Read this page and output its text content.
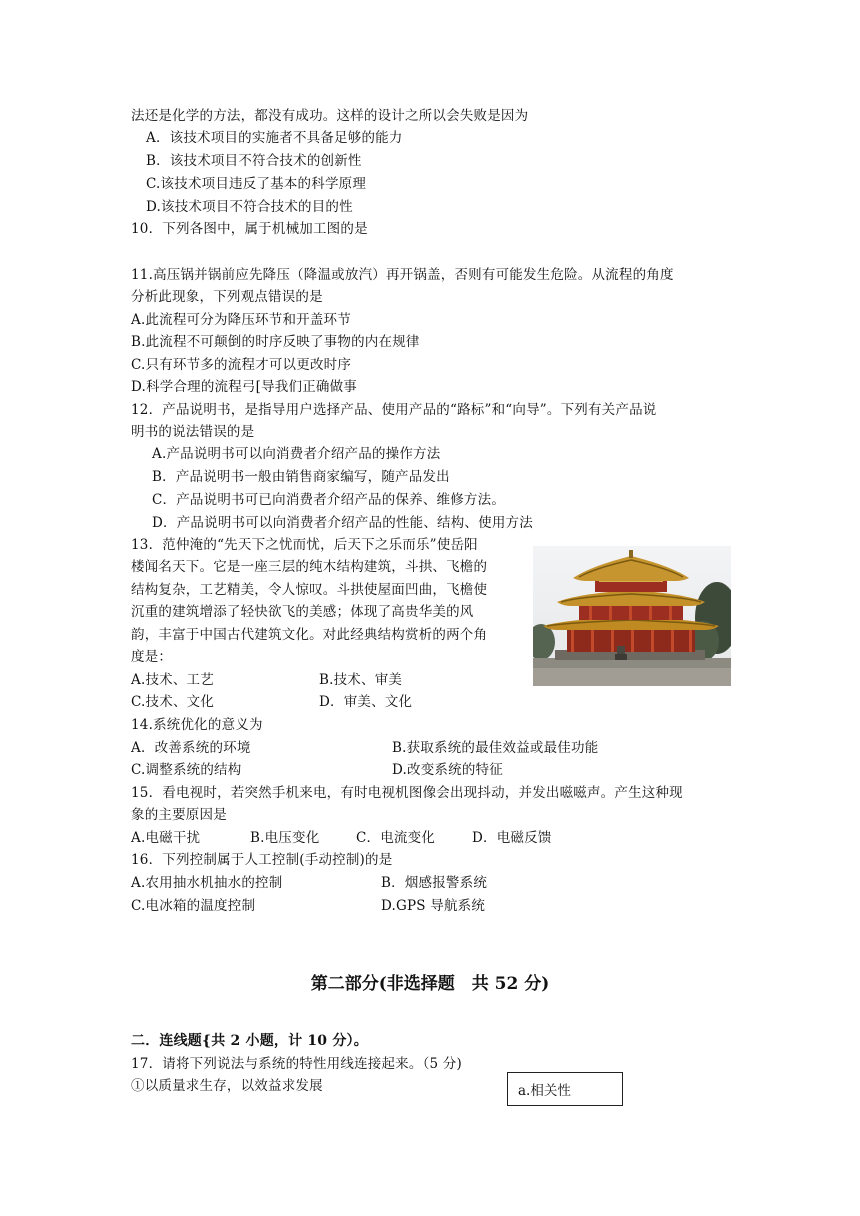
法还是化学的方法，都没有成功。这样的设计之所以会失败是因为
A．该技术项目的实施者不具备足够的能力
B．该技术项目不符合技术的创新性
C.该技术项目违反了基本的科学原理
D.该技术项目不符合技术的目的性
10．下列各图中，属于机械加工图的是
11.高压锅并锅前应先降压（降温或放汽）再开锅盖，否则有可能发生危险。从流程的角度
分析此现象，下列观点错误的是
A.此流程可分为降压环节和开盖环节
B.此流程不可颠倒的时序反映了事物的内在规律
C.只有环节多的流程才可以更改时序
D.科学合理的流程弓[导我们正确做事
12．产品说明书，是指导用户选择产品、使用产品的“路标”和“向导”。下列有关产品说
明书的说法错误的是
A.产品说明书可以向消费者介绍产品的操作方法
B．产品说明书一般由销售商家编写，随产品发出
C．产品说明书可已向消费者介绍产品的保养、维修方法。
D．产品说明书可以向消费者介绍产品的性能、结构、使用方法
13．范仲淹的“先天下之忧而忧，后天下之乐而乐”使岳阳
楼闻名天下。它是一座三层的纯木结构建筑，斗拱、飞檐的
结构复杂，工艺精美，令人惊叹。斗拱使屋面凹曲，飞檐使
沉重的建筑增添了轻快欲飞的美感；体现了高贵华美的风
韵，丰富于中国古代建筑文化。对此经典结构赏析的两个角
度是：
A.技术、工艺	B.技术、审美
C.技术、文化	D．审美、文化
14.系统优化的意义为
A．改善系统的环境	B.获取系统的最佳效益或最佳功能
C.调整系统的结构	D.改变系统的特征
15．看电视时，若突然手机来电，有时电视机图像会出现抖动，并发出嗞嗞声。产生这种现
象的主要原因是
A.电磁干扰	B.电压变化	C．电流变化	D．电磁反馈
16．下列控制属于人工控制(手动控制)的是
A.农用抽水机抽水的控制	B．烟感报警系统
C.电冰箱的温度控制	D.GPS 导航系统
第二部分(非选择题　共 52 分)
二．连线题{共 2 小题，计 10 分）。
17．请将下列说法与系统的特性用线连接起来。（5 分)
①以质量求生存，以效益求发展	a.相关性
